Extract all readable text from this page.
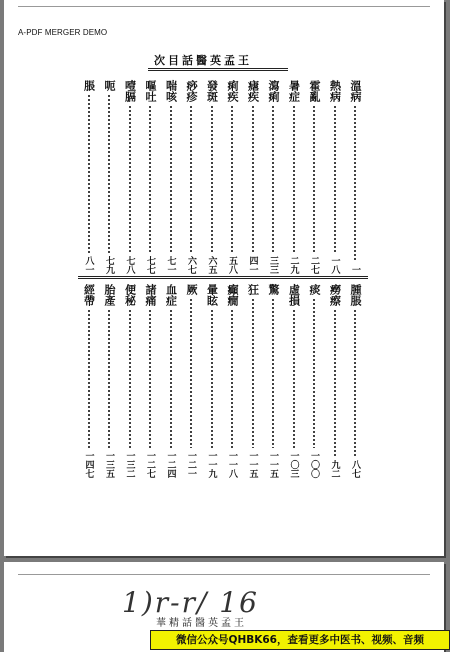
A-PDF MERGER DEMO
王孟英醫話目次
溫病
一
熱病
一八
霍亂
二七
暑症
二九
瀉痢
三三
瘧疾
四一
痢疾
五八
發斑
六五
痧疹
六七
喘咳
七一
嘔吐
七七
噎膈
七八
呃
七九
脹
八一
腫脹
八七
癆瘵
九二
痰
一〇〇
虛損
一〇三
驚
一一五
狂
一一五
癲癇
一一八
暈眩
一一九
厥
一二一
血症
一二四
諸痛
一二七
便秘
一三二
胎產
一三五
經帶
一四七
1)r-r/ 16
王孟英醫話精華
微信公众号QHBK66，查看更多中医书、视频、音频
